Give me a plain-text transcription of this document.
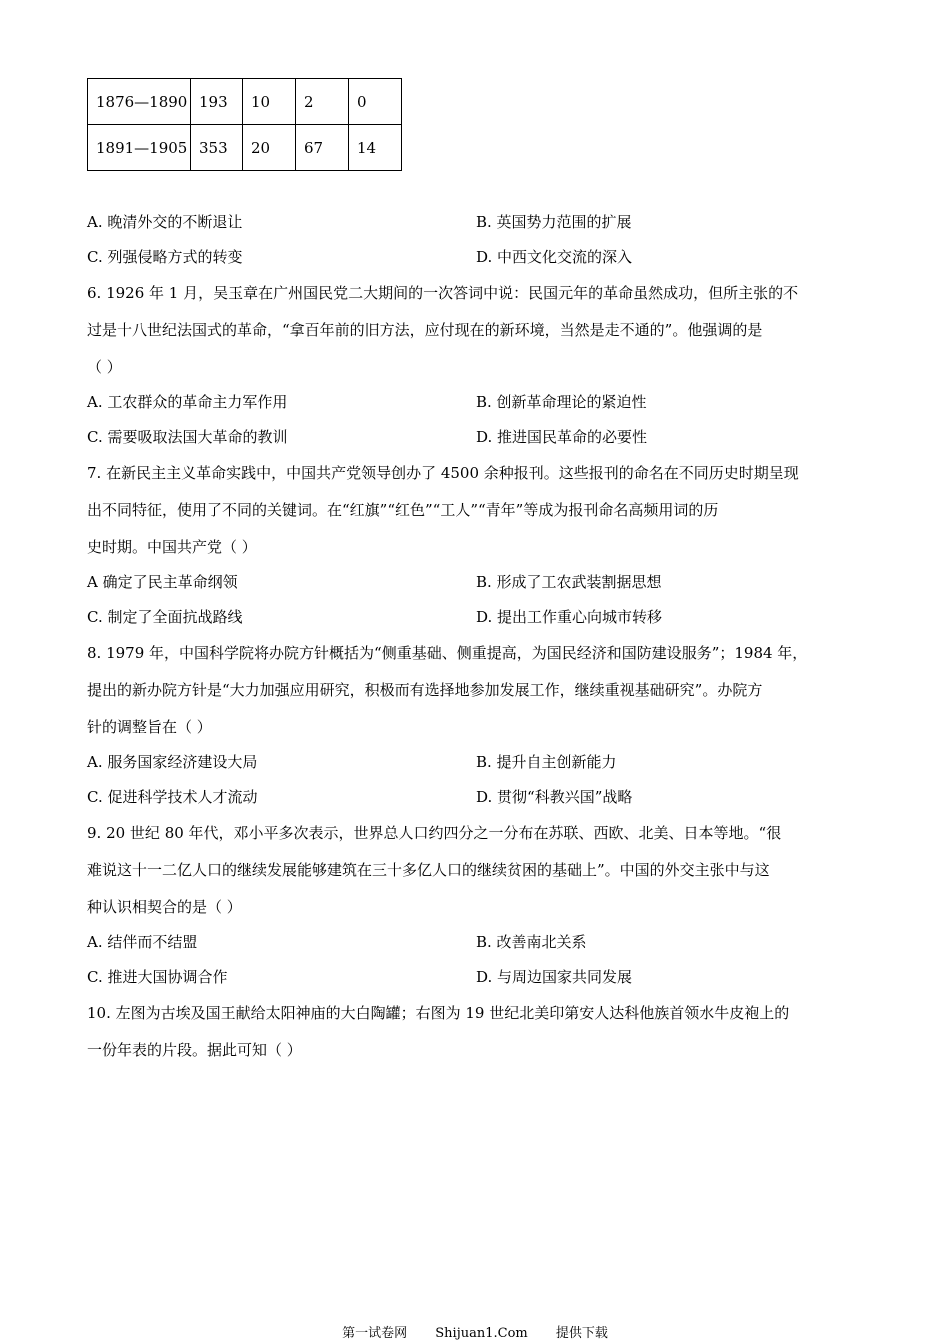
1876—1890	193	10	2	0
1891—1905	353	20	67	14
A. 晚清外交的不断退让	B. 英国势力范围的扩展
C. 列强侵略方式的转变	D. 中西文化交流的深入
6. 1926 年 1 月，吴玉章在广州国民党二大期间的一次答词中说：民国元年的革命虽然成功，但所主张的不
过是十八世纪法国式的革命，“拿百年前的旧方法，应付现在的新环境，当然是走不通的”。他强调的是
（ ）
A. 工农群众的革命主力军作用	B. 创新革命理论的紧迫性
C. 需要吸取法国大革命的教训	D. 推进国民革命的必要性
7. 在新民主主义革命实践中，中国共产党领导创办了 4500 余种报刊。这些报刊的命名在不同历史时期呈现
出不同特征，使用了不同的关键词。在“红旗”“红色”“工人”“青年”等成为报刊命名高频用词的历
史时期。中国共产党（ ）
A 确定了民主革命纲领	B. 形成了工农武装割据思想
C. 制定了全面抗战路线	D. 提出工作重心向城市转移
8. 1979 年，中国科学院将办院方针概括为“侧重基础、侧重提高，为国民经济和国防建设服务”；1984 年，
提出的新办院方针是“大力加强应用研究，积极而有选择地参加发展工作，继续重视基础研究”。办院方
针的调整旨在（ ）
A. 服务国家经济建设大局	B. 提升自主创新能力
C. 促进科学技术人才流动	D. 贯彻“科教兴国”战略
9. 20 世纪 80 年代，邓小平多次表示，世界总人口约四分之一分布在苏联、西欧、北美、日本等地。“很
难说这十一二亿人口的继续发展能够建筑在三十多亿人口的继续贫困的基础上”。中国的外交主张中与这
种认识相契合的是（ ）
A. 结伴而不结盟	B. 改善南北关系
C. 推进大国协调合作	D. 与周边国家共同发展
10. 左图为古埃及国王献给太阳神庙的大白陶罐；右图为 19 世纪北美印第安人达科他族首领水牛皮袍上的
一份年表的片段。据此可知（ ）
第一试卷网 Shijuan1.Com 提供下载
